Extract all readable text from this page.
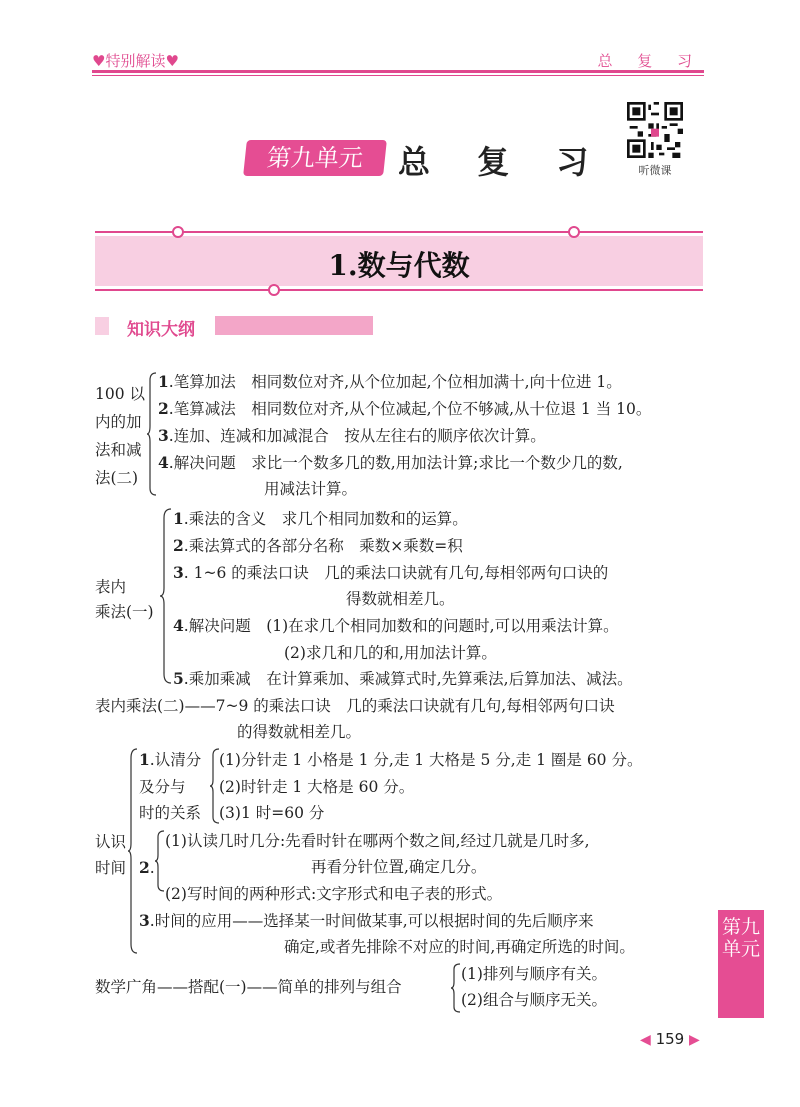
♥特别解读♥	总 复 习
第九单元	总 复 习	听微课
1.数与代数
知识大纲
100 以
内的加
法和减
法(二)
1.笔算加法　相同数位对齐,从个位加起,个位相加满十,向十位进 1。
2.笔算减法　相同数位对齐,从个位减起,个位不够减,从十位退 1 当 10。
3.连加、连减和加减混合　按从左往右的顺序依次计算。
4.解决问题　求比一个数多几的数,用加法计算;求比一个数少几的数,
用减法计算。
表内
乘法(一)
1.乘法的含义　求几个相同加数和的运算。
2.乘法算式的各部分名称　乘数×乘数=积
3. 1~6 的乘法口诀　几的乘法口诀就有几句,每相邻两句口诀的
得数就相差几。
4.解决问题　(1)在求几个相同加数和的问题时,可以用乘法计算。
(2)求几和几的和,用加法计算。
5.乘加乘减　在计算乘加、乘减算式时,先算乘法,后算加法、减法。
表内乘法(二)——7~9 的乘法口诀　几的乘法口诀就有几句,每相邻两句口诀
的得数就相差几。
认识
时间
1.认清分
及分与
时的关系
(1)分针走 1 小格是 1 分,走 1 大格是 5 分,走 1 圈是 60 分。
(2)时针走 1 大格是 60 分。
(3)1 时=60 分
2.
(1)认读几时几分:先看时针在哪两个数之间,经过几就是几时多,
再看分针位置,确定几分。
(2)写时间的两种形式:文字形式和电子表的形式。
3.时间的应用——选择某一时间做某事,可以根据时间的先后顺序来
确定,或者先排除不对应的时间,再确定所选的时间。
数学广角——搭配(一)——简单的排列与组合
(1)排列与顺序有关。
(2)组合与顺序无关。
第九
单元
◀ 159 ▶
